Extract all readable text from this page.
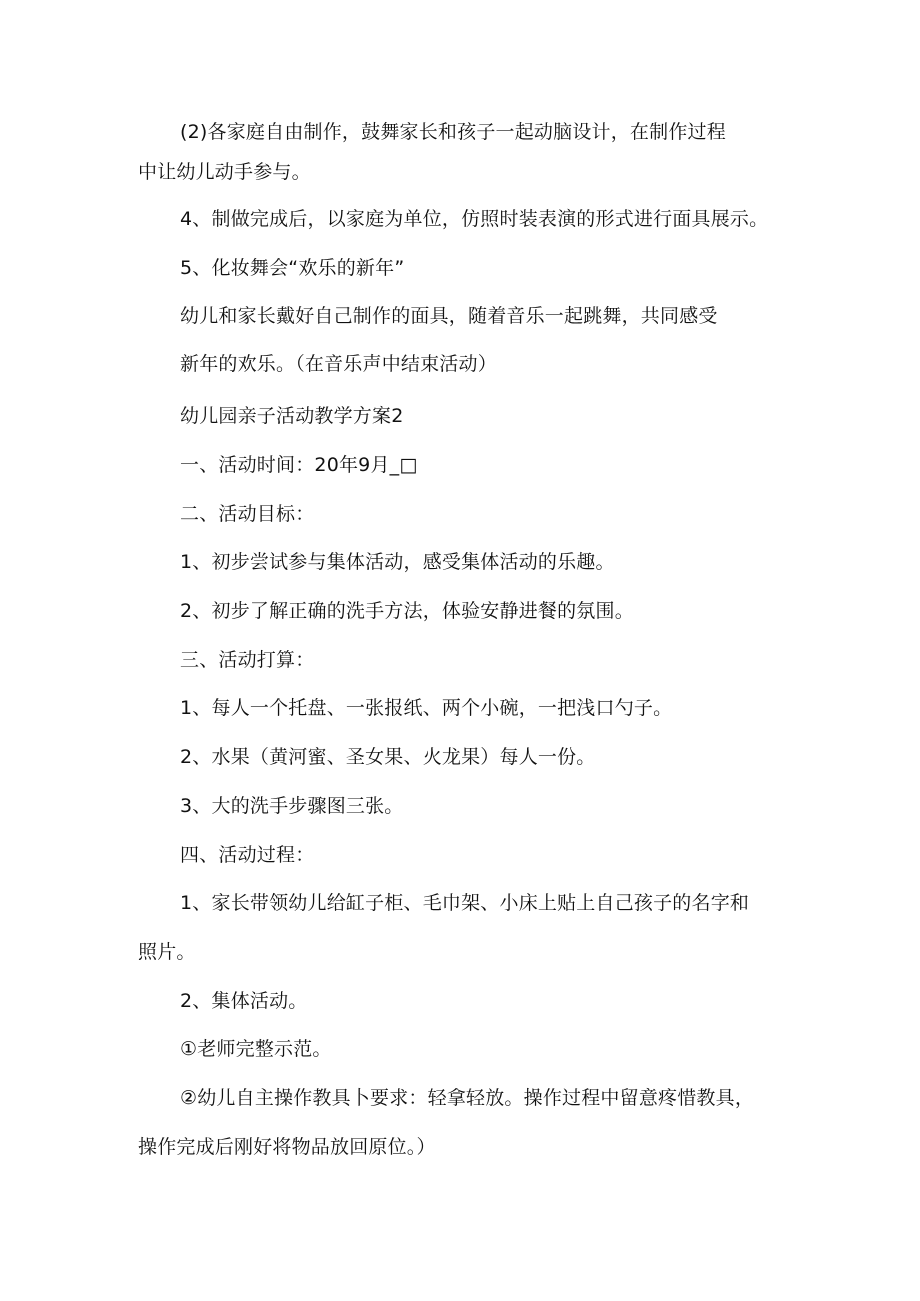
(2)各家庭自由制作，鼓舞家长和孩子一起动脑设计，在制作过程
中让幼儿动手参与。
4、制做完成后，以家庭为单位，仿照时装表演的形式进行面具展示。
5、化妆舞会“欢乐的新年”
幼儿和家长戴好自己制作的面具，随着音乐一起跳舞，共同感受
新年的欢乐。（在音乐声中结束活动）
幼儿园亲子活动教学方案2
一、活动时间：20年9月_□
二、活动目标：
1、初步尝试参与集体活动，感受集体活动的乐趣。
2、初步了解正确的洗手方法，体验安静进餐的氛围。
三、活动打算：
1、每人一个托盘、一张报纸、两个小碗，一把浅口勺子。
2、水果（黄河蜜、圣女果、火龙果）每人一份。
3、大的洗手步骤图三张。
四、活动过程：
1、家长带领幼儿给缸子柜、毛巾架、小床上贴上自己孩子的名字和
照片。
2、集体活动。
①老师完整示范。
②幼儿自主操作教具卜要求：轻拿轻放。操作过程中留意疼惜教具，
操作完成后刚好将物品放回原位。）
